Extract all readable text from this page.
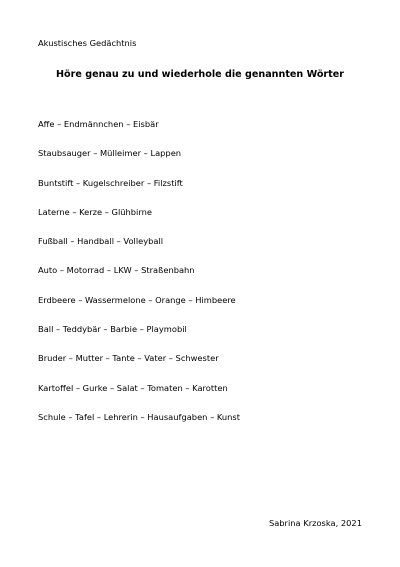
Akustisches Gedächtnis
Höre genau zu und wiederhole die genannten Wörter
Affe – Endmännchen – Eisbär
Staubsauger – Mülleimer – Lappen
Buntstift – Kugelschreiber – Filzstift
Laterne – Kerze – Glühbirne
Fußball – Handball – Volleyball
Auto – Motorrad – LKW – Straßenbahn
Erdbeere – Wassermelone – Orange – Himbeere
Ball – Teddybär – Barbie – Playmobil
Bruder – Mutter – Tante – Vater – Schwester
Kartoffel – Gurke – Salat – Tomaten – Karotten
Schule – Tafel – Lehrerin – Hausaufgaben – Kunst
Sabrina Krzoska, 2021
